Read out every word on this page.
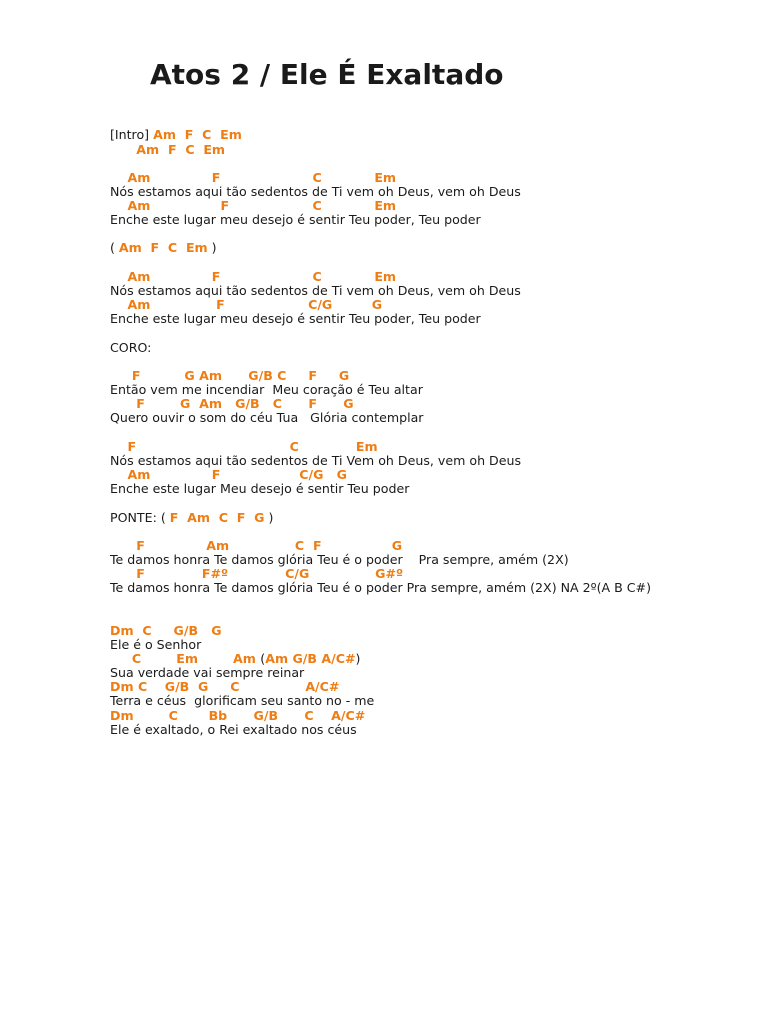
Atos 2 / Ele É Exaltado
[Intro] Am  F  C  Em
Am  F  C  Em
Am              F                     C            Em
Nós estamos aqui tão sedentos de Ti vem oh Deus, vem oh Deus
Am                F                   C            Em
Enche este lugar meu desejo é sentir Teu poder, Teu poder
( Am  F  C  Em )
Am              F                     C            Em
Nós estamos aqui tão sedentos de Ti vem oh Deus, vem oh Deus
Am               F                   C/G         G
Enche este lugar meu desejo é sentir Teu poder, Teu poder
CORO:
F          G Am      G/B C     F     G
Então vem me incendiar  Meu coração é Teu altar
F        G  Am   G/B   C      F      G
Quero ouvir o som do céu Tua   Glória contemplar
F                                   C             Em
Nós estamos aqui tão sedentos de Ti Vem oh Deus, vem oh Deus
Am              F                  C/G   G
Enche este lugar Meu desejo é sentir Teu poder
PONTE: ( F  Am  C  F  G )
F              Am               C  F                G
Te damos honra Te damos glória Teu é o poder    Pra sempre, amém (2X)
F             F#º             C/G               G#º
Te damos honra Te damos glória Teu é o poder Pra sempre, amém (2X) NA 2º(A B C#)
Dm  C     G/B   G
Ele é o Senhor
C        Em        Am (Am G/B A/C#)
Sua verdade vai sempre reinar
Dm C    G/B  G     C               A/C#
Terra e céus  glorificam seu santo no - me
Dm        C       Bb      G/B      C    A/C#
Ele é exaltado, o Rei exaltado nos céus
